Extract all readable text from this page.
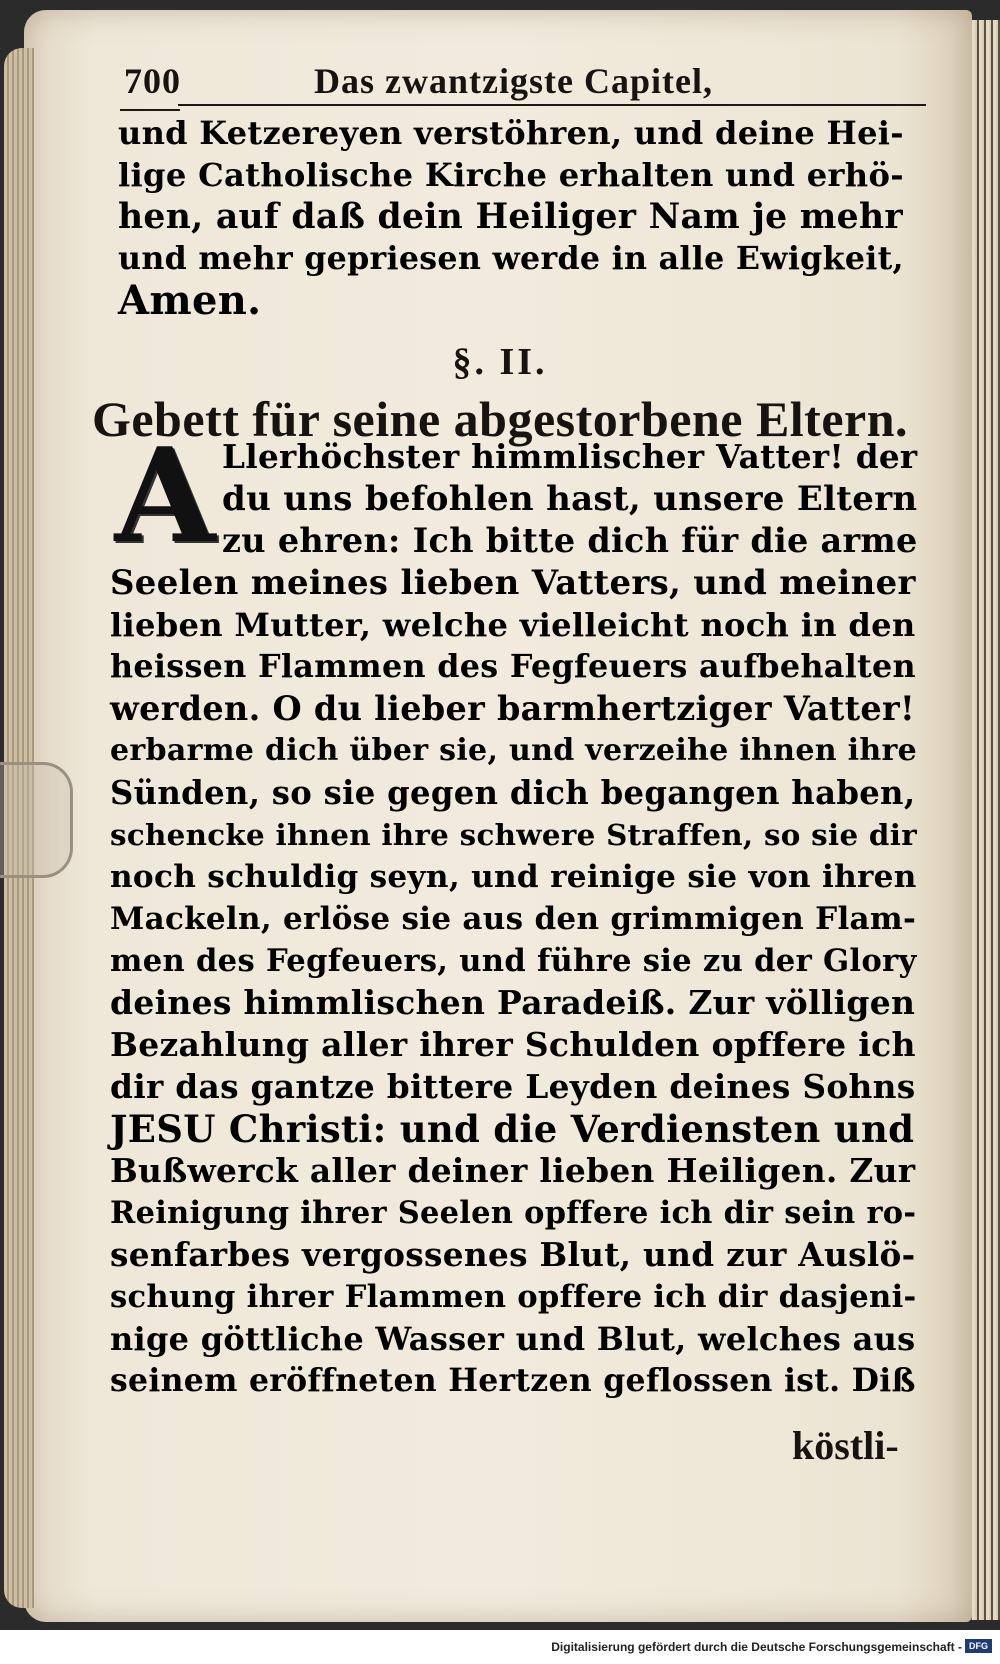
700	Das zwantzigste Capitel,
und Ketzereyen verstöhren, und deine Hei-
lige Catholische Kirche erhalten und erhö-
hen, auf daß dein Heiliger Nam je mehr
und mehr gepriesen werde in alle Ewigkeit,
Amen.
§. II.
Gebett für seine abgestorbene Eltern.
A Llerhöchster himmlischer Vatter! der
du uns befohlen hast, unsere Eltern
zu ehren: Ich bitte dich für die arme
Seelen meines lieben Vatters, und meiner
lieben Mutter, welche vielleicht noch in den
heissen Flammen des Fegfeuers aufbehalten
werden. O du lieber barmhertziger Vatter!
erbarme dich über sie, und verzeihe ihnen ihre
Sünden, so sie gegen dich begangen haben,
schencke ihnen ihre schwere Straffen, so sie dir
noch schuldig seyn, und reinige sie von ihren
Mackeln, erlöse sie aus den grimmigen Flam-
men des Fegfeuers, und führe sie zu der Glory
deines himmlischen Paradeiß. Zur völligen
Bezahlung aller ihrer Schulden opffere ich
dir das gantze bittere Leyden deines Sohns
JESU Christi: und die Verdiensten und
Bußwerck aller deiner lieben Heiligen. Zur
Reinigung ihrer Seelen opffere ich dir sein ro-
senfarbes vergossenes Blut, und zur Auslö-
schung ihrer Flammen opffere ich dir dasjeni-
nige göttliche Wasser und Blut, welches aus
seinem eröffneten Hertzen geflossen ist. Diß
köstli-
Digitalisierung gefördert durch die Deutsche Forschungsgemeinschaft - DFG
